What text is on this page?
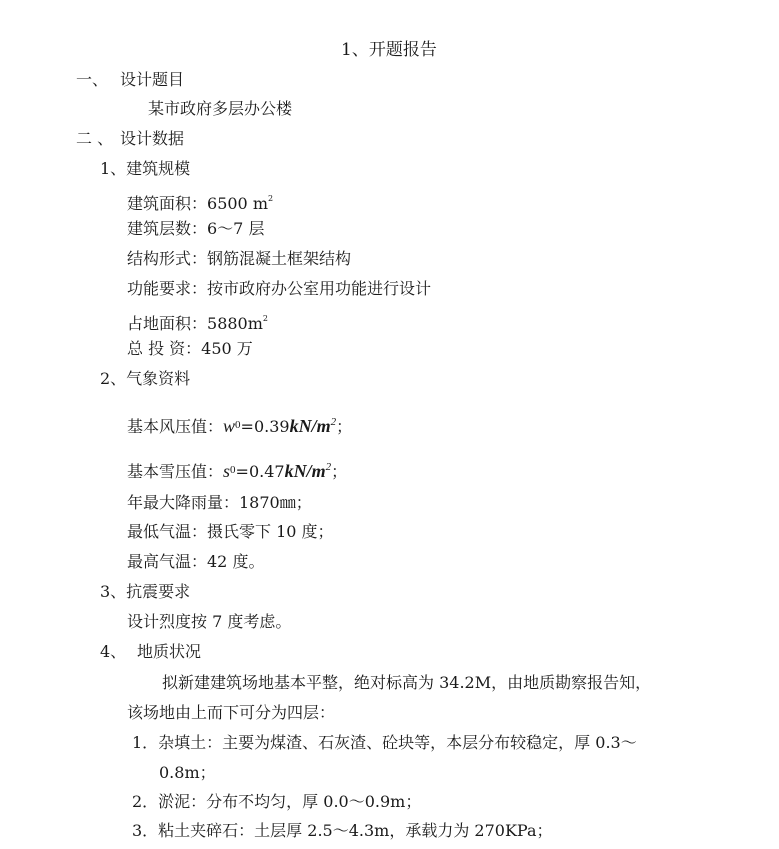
1、开题报告
一、 设计题目
某市政府多层办公楼
二 、 设计数据
1、建筑规模
建筑面积：6500 $m^2$
建筑层数：6～7 层
结构形式：钢筋混凝土框架结构
功能要求：按市政府办公室用功能进行设计
占地面积：$5880m^2$
总 投 资：450 万
2、气象资料
基本风压值：$w_0=0.39kN/m^2$；
基本雪压值：$s_0=0.47kN/m^2$；
年最大降雨量：1870㎜；
最低气温：摄氏零下 10 度；
最高气温：42 度。
3、抗震要求
设计烈度按 7 度考虑。
4、 地质状况
拟新建建筑场地基本平整，绝对标高为 34.2M，由地质勘察报告知，
该场地由上而下可分为四层：
1．杂填土：主要为煤渣、石灰渣、砼块等，本层分布较稳定，厚 0.3～
0.8m；
2．淤泥：分布不均匀，厚 0.0～0.9m；
3．粘土夹碎石：土层厚 2.5～4.3m，承载力为 270KPa；
